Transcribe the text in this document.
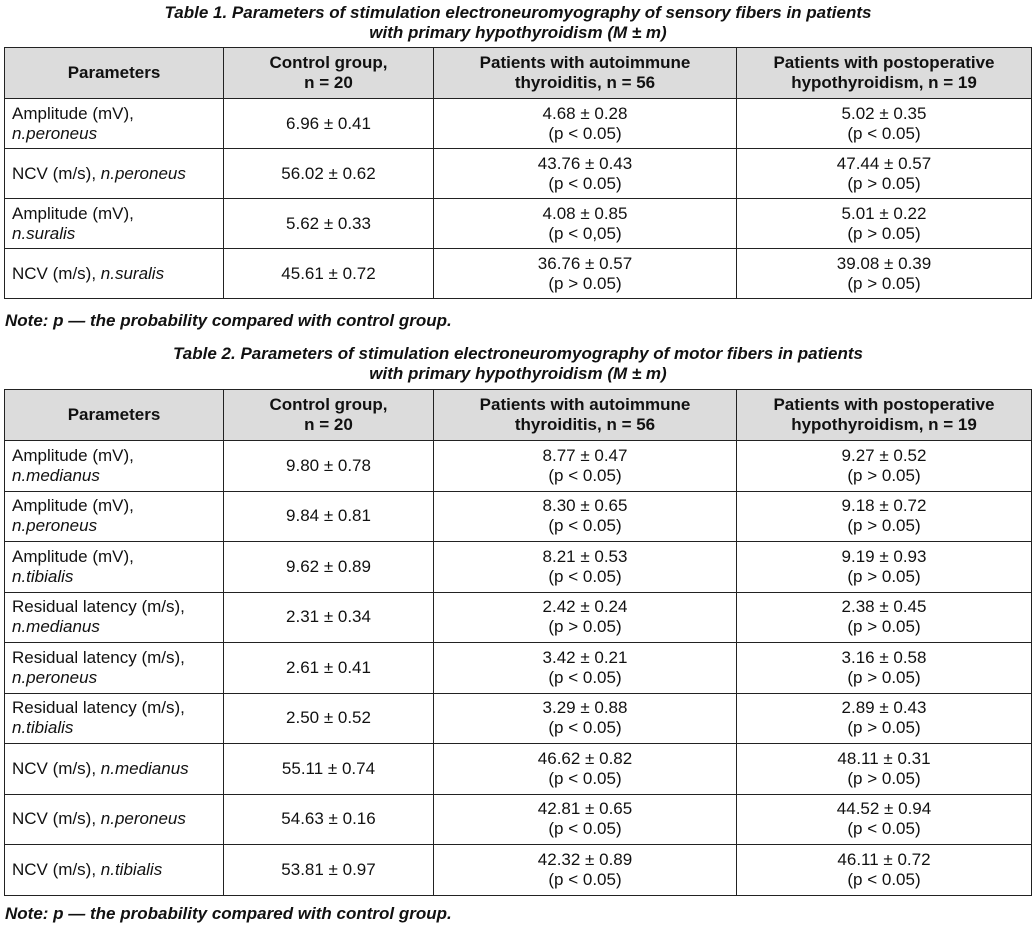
Table 1. Parameters of stimulation electroneuromyography of sensory fibers in patients
with primary hypothyroidism (M ± m)
Parameters	Control group,
n = 20	Patients with autoimmune
thyroiditis, n = 56	Patients with postoperative
hypothyroidism, n = 19

Amplitude (mV),
n.peroneus	6.96 ± 0.41	4.68 ± 0.28
(p < 0.05)	5.02 ± 0.35
(p < 0.05)

NCV (m/s), n.peroneus	56.02 ± 0.62	43.76 ± 0.43
(p < 0.05)	47.44 ± 0.57
(p > 0.05)

Amplitude (mV),
n.suralis	5.62 ± 0.33	4.08 ± 0.85
(p < 0,05)	5.01 ± 0.22
(p > 0.05)

NCV (m/s), n.suralis	45.61 ± 0.72	36.76 ± 0.57
(p > 0.05)	39.08 ± 0.39
(p > 0.05)
Note: p — the probability compared with control group.
Table 2. Parameters of stimulation electroneuromyography of motor fibers in patients
with primary hypothyroidism (M ± m)
Parameters	Control group,
n = 20	Patients with autoimmune
thyroiditis, n = 56	Patients with postoperative
hypothyroidism, n = 19

Amplitude (mV),
n.medianus	9.80 ± 0.78	8.77 ± 0.47
(p < 0.05)	9.27 ± 0.52
(p > 0.05)

Amplitude (mV),
n.peroneus	9.84 ± 0.81	8.30 ± 0.65
(p < 0.05)	9.18 ± 0.72
(p > 0.05)

Amplitude (mV),
n.tibialis	9.62 ± 0.89	8.21 ± 0.53
(p < 0.05)	9.19 ± 0.93
(p > 0.05)

Residual latency (m/s),
n.medianus	2.31 ± 0.34	2.42 ± 0.24
(p > 0.05)	2.38 ± 0.45
(p > 0.05)

Residual latency (m/s),
n.peroneus	2.61 ± 0.41	3.42 ± 0.21
(p < 0.05)	3.16 ± 0.58
(p > 0.05)

Residual latency (m/s),
n.tibialis	2.50 ± 0.52	3.29 ± 0.88
(p < 0.05)	2.89 ± 0.43
(p > 0.05)

NCV (m/s), n.medianus	55.11 ± 0.74	46.62 ± 0.82
(p < 0.05)	48.11 ± 0.31
(p > 0.05)

NCV (m/s), n.peroneus	54.63 ± 0.16	42.81 ± 0.65
(p < 0.05)	44.52 ± 0.94
(p < 0.05)

NCV (m/s), n.tibialis	53.81 ± 0.97	42.32 ± 0.89
(p < 0.05)	46.11 ± 0.72
(p < 0.05)
Note: p — the probability compared with control group.
